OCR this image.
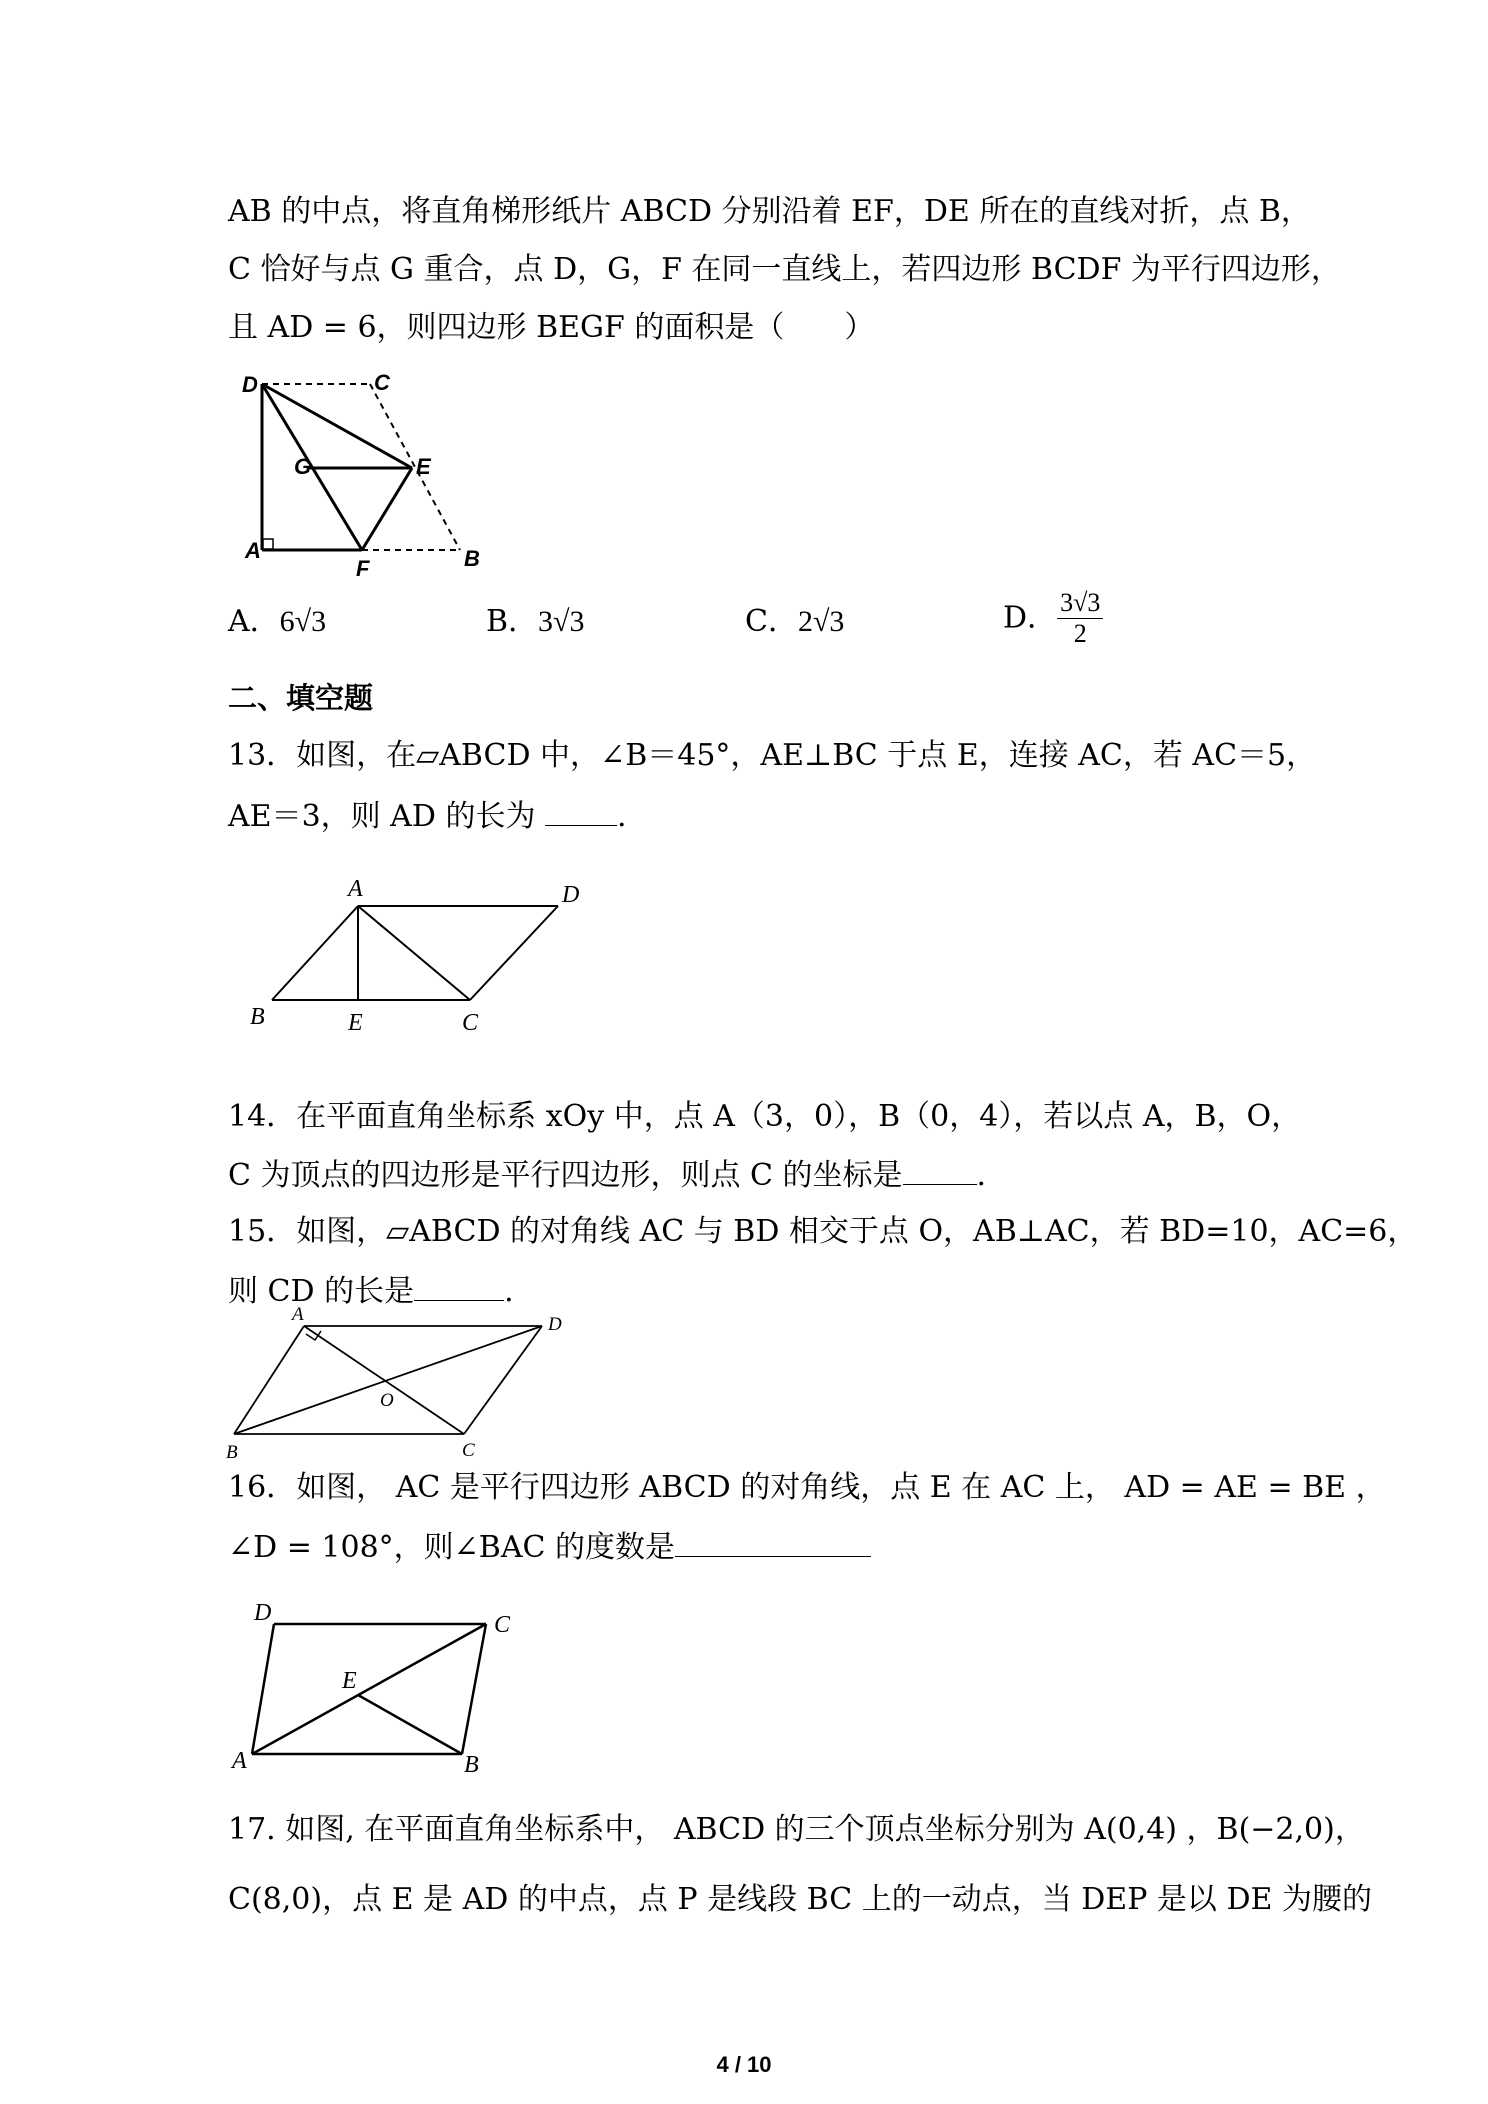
AB 的中点，将直角梯形纸片 ABCD 分别沿着 EF，DE 所在的直线对折，点 B，
C 恰好与点 G 重合，点 D，G，F 在同一直线上，若四边形 BCDF 为平行四边形，
且 AD = 6，则四边形 BEGF 的面积是（　　）
D	C
G	E
A
F	B
A．6√3	B．3√3	C．2√3	D． $\frac{3√3}{2}$
二、填空题
13．如图，在▱ABCD 中，∠B＝45°，AE⊥BC 于点 E，连接 AC，若 AC＝5，
AE＝3，则 AD 的长为 .
A	D
B	E	C
14．在平面直角坐标系 xOy 中，点 A（3，0），B（0，4），若以点 A，B，O，
C 为顶点的四边形是平行四边形，则点 C 的坐标是 .
15．如图，▱ABCD 的对角线 AC 与 BD 相交于点 O，AB⊥AC，若 BD=10，AC=6，
则 CD 的长是	.
A	D
O
B	C
16．如图， AC 是平行四边形 ABCD 的对角线，点 E 在 AC 上， AD = AE = BE ，
∠D = 108°，则∠BAC 的度数是
D	C
E
A	B
17. 如图, 在平面直角坐标系中， ABCD 的三个顶点坐标分别为 A(0,4) ，B(−2,0)，
C(8,0)，点 E 是 AD 的中点，点 P 是线段 BC 上的一动点，当 DEP 是以 DE 为腰的
4 / 10
